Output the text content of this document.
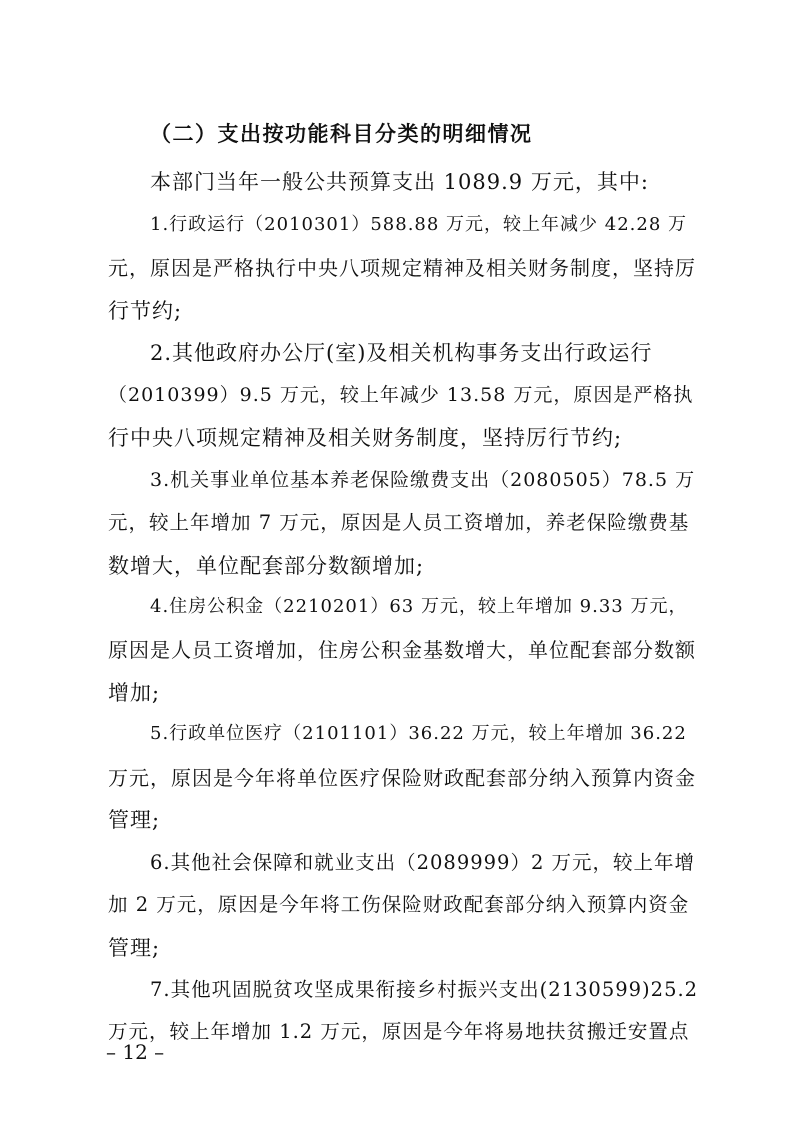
（二）支出按功能科目分类的明细情况
本部门当年一般公共预算支出 1089.9 万元，其中:
1.行政运行（2010301）588.88 万元，较上年减少 42.28 万
元，原因是严格执行中央八项规定精神及相关财务制度，坚持厉
行节约;
2.其他政府办公厅(室)及相关机构事务支出行政运行
（2010399）9.5 万元，较上年减少 13.58 万元，原因是严格执
行中央八项规定精神及相关财务制度，坚持厉行节约;
3.机关事业单位基本养老保险缴费支出（2080505）78.5 万
元，较上年增加 7 万元，原因是人员工资增加，养老保险缴费基
数增大，单位配套部分数额增加;
4.住房公积金（2210201）63 万元，较上年增加 9.33 万元，
原因是人员工资增加，住房公积金基数增大，单位配套部分数额
增加;
5.行政单位医疗（2101101）36.22 万元，较上年增加 36.22
万元，原因是今年将单位医疗保险财政配套部分纳入预算内资金
管理;
6.其他社会保障和就业支出（2089999）2 万元，较上年增
加 2 万元，原因是今年将工伤保险财政配套部分纳入预算内资金
管理;
7.其他巩固脱贫攻坚成果衔接乡村振兴支出(2130599)25.2
万元，较上年增加 1.2 万元，原因是今年将易地扶贫搬迁安置点
– 12 –
